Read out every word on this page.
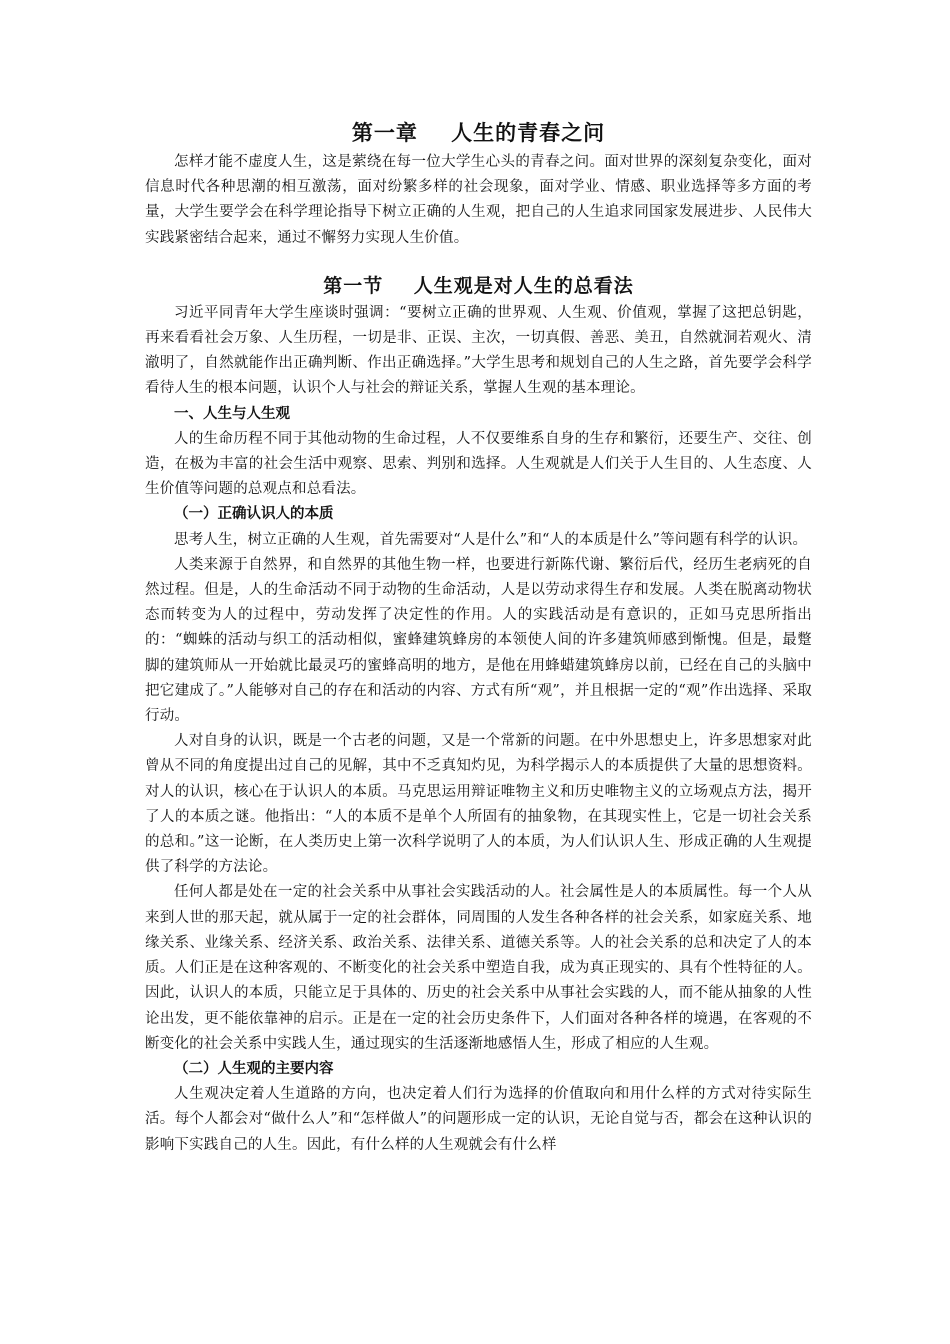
第一章    人生的青春之问

怎样才能不虚度人生，这是萦绕在每一位大学生心头的青春之问。面对世界的深刻复杂变化，面对信息时代各种思潮的相互激荡，面对纷繁多样的社会现象，面对学业、情感、职业选择等多方面的考量，大学生要学会在科学理论指导下树立正确的人生观，把自己的人生追求同国家发展进步、人民伟大实践紧密结合起来，通过不懈努力实现人生价值。

第一节    人生观是对人生的总看法

习近平同青年大学生座谈时强调：“要树立正确的世界观、人生观、价值观，掌握了这把总钥匙，再来看看社会万象、人生历程，一切是非、正误、主次，一切真假、善恶、美丑，自然就洞若观火、清澈明了，自然就能作出正确判断、作出正确选择。”大学生思考和规划自己的人生之路，首先要学会科学看待人生的根本问题，认识个人与社会的辩证关系，掌握人生观的基本理论。

一、人生与人生观

人的生命历程不同于其他动物的生命过程，人不仅要维系自身的生存和繁衍，还要生产、交往、创造，在极为丰富的社会生活中观察、思索、判别和选择。人生观就是人们关于人生目的、人生态度、人生价值等问题的总观点和总看法。

（一）正确认识人的本质

思考人生，树立正确的人生观，首先需要对“人是什么”和“人的本质是什么”等问题有科学的认识。

人类来源于自然界，和自然界的其他生物一样，也要进行新陈代谢、繁衍后代，经历生老病死的自然过程。但是，人的生命活动不同于动物的生命活动，人是以劳动求得生存和发展。人类在脱离动物状态而转变为人的过程中，劳动发挥了决定性的作用。人的实践活动是有意识的，正如马克思所指出的：“蜘蛛的活动与织工的活动相似，蜜蜂建筑蜂房的本领使人间的许多建筑师感到惭愧。但是，最蹩脚的建筑师从一开始就比最灵巧的蜜蜂高明的地方，是他在用蜂蜡建筑蜂房以前，已经在自己的头脑中把它建成了。”人能够对自己的存在和活动的内容、方式有所“观”，并且根据一定的“观”作出选择、采取行动。

人对自身的认识，既是一个古老的问题，又是一个常新的问题。在中外思想史上，许多思想家对此曾从不同的角度提出过自己的见解，其中不乏真知灼见，为科学揭示人的本质提供了大量的思想资料。对人的认识，核心在于认识人的本质。马克思运用辩证唯物主义和历史唯物主义的立场观点方法，揭开了人的本质之谜。他指出：“人的本质不是单个人所固有的抽象物，在其现实性上，它是一切社会关系的总和。”这一论断，在人类历史上第一次科学说明了人的本质，为人们认识人生、形成正确的人生观提供了科学的方法论。

任何人都是处在一定的社会关系中从事社会实践活动的人。社会属性是人的本质属性。每一个人从来到人世的那天起，就从属于一定的社会群体，同周围的人发生各种各样的社会关系，如家庭关系、地缘关系、业缘关系、经济关系、政治关系、法律关系、道德关系等。人的社会关系的总和决定了人的本质。人们正是在这种客观的、不断变化的社会关系中塑造自我，成为真正现实的、具有个性特征的人。因此，认识人的本质，只能立足于具体的、历史的社会关系中从事社会实践的人，而不能从抽象的人性论出发，更不能依靠神的启示。正是在一定的社会历史条件下，人们面对各种各样的境遇，在客观的不断变化的社会关系中实践人生，通过现实的生活逐渐地感悟人生，形成了相应的人生观。

（二）人生观的主要内容

人生观决定着人生道路的方向，也决定着人们行为选择的价值取向和用什么样的方式对待实际生活。每个人都会对“做什么人”和“怎样做人”的问题形成一定的认识，无论自觉与否，都会在这种认识的影响下实践自己的人生。因此，有什么样的人生观就会有什么样
